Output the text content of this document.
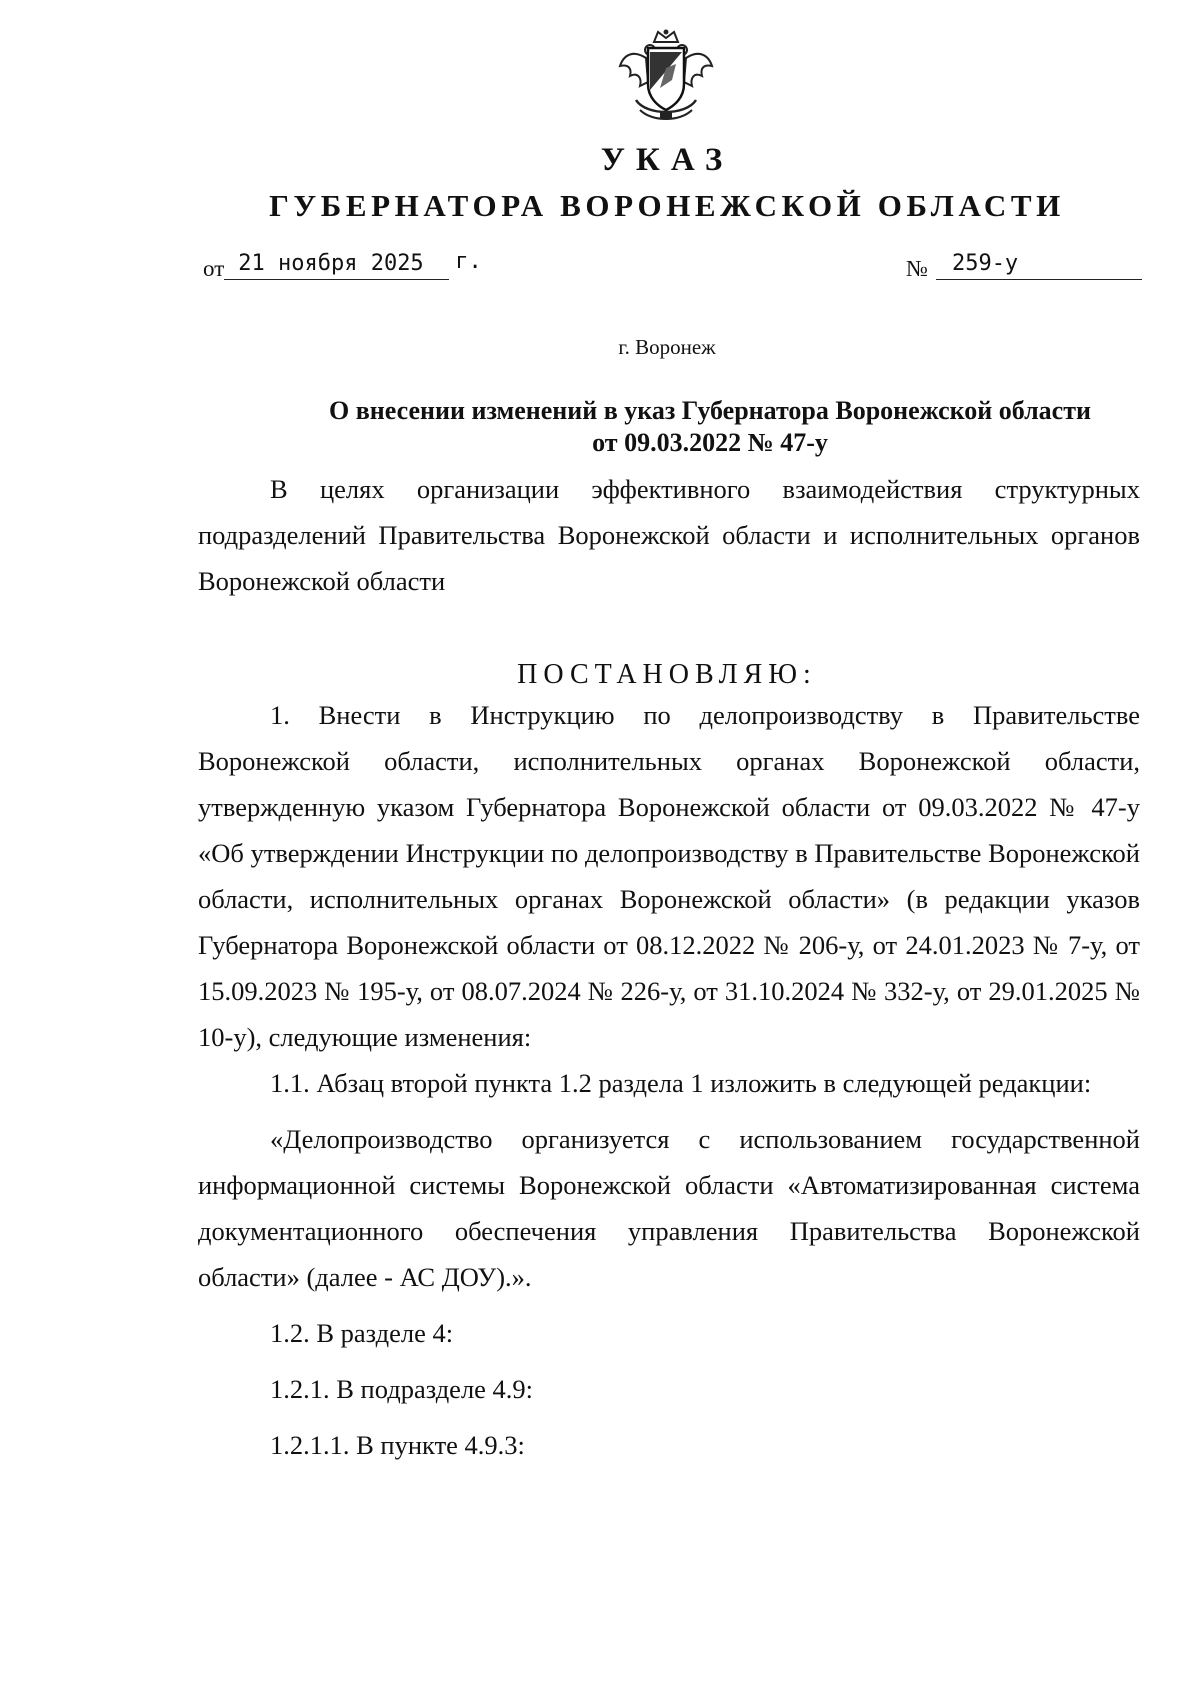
УКАЗ
ГУБЕРНАТОРА ВОРОНЕЖСКОЙ ОБЛАСТИ
от 21 ноября 2025 г.	№ 259-у
г. Воронеж
О внесении изменений в указ Губернатора Воронежской области
от 09.03.2022 № 47-у

В целях организации эффективного взаимодействия структурных подразделений Правительства Воронежской области и исполнительных органов Воронежской области

ПОСТАНОВЛЯЮ:

1. Внести в Инструкцию по делопроизводству в Правительстве Воронежской области, исполнительных органах Воронежской области, утвержденную указом Губернатора Воронежской области от 09.03.2022 № 47-у «Об утверждении Инструкции по делопроизводству в Правительстве Воронежской области, исполнительных органах Воронежской области» (в редакции указов Губернатора Воронежской области от 08.12.2022 № 206-у, от 24.01.2023 № 7-у, от 15.09.2023 № 195-у, от 08.07.2024 № 226-у, от 31.10.2024 № 332-у, от 29.01.2025 № 10-у), следующие изменения:

1.1. Абзац второй пункта 1.2 раздела 1 изложить в следующей редакции:

«Делопроизводство организуется с использованием государственной информационной системы Воронежской области «Автоматизированная система документационного обеспечения управления Правительства Воронежской области» (далее - АС ДОУ).».

1.2. В разделе 4:

1.2.1. В подразделе 4.9:

1.2.1.1. В пункте 4.9.3:
